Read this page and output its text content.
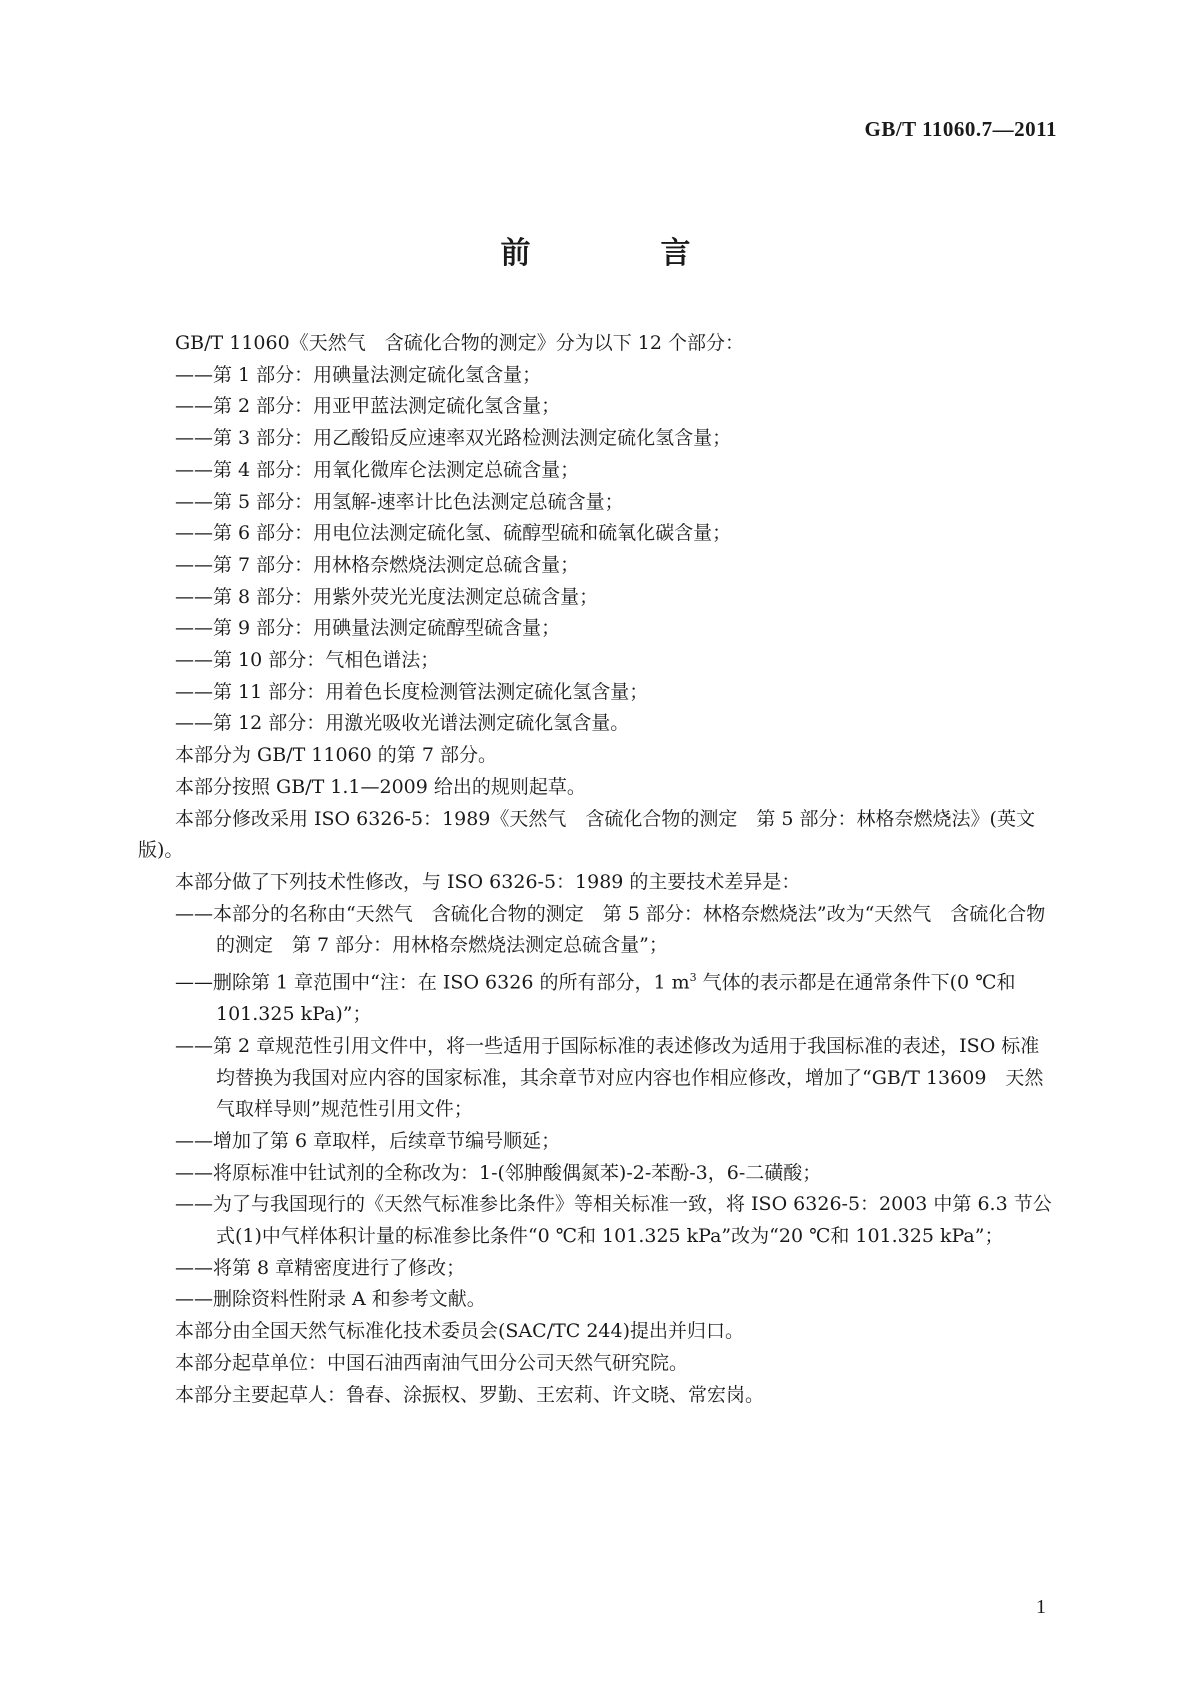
GB/T 11060.7—2011
前　言

GB/T 11060《天然气　含硫化合物的测定》分为以下 12 个部分：

——第 1 部分：用碘量法测定硫化氢含量；

——第 2 部分：用亚甲蓝法测定硫化氢含量；

——第 3 部分：用乙酸铅反应速率双光路检测法测定硫化氢含量；

——第 4 部分：用氧化微库仑法测定总硫含量；

——第 5 部分：用氢解-速率计比色法测定总硫含量；

——第 6 部分：用电位法测定硫化氢、硫醇型硫和硫氧化碳含量；

——第 7 部分：用林格奈燃烧法测定总硫含量；

——第 8 部分：用紫外荧光光度法测定总硫含量；

——第 9 部分：用碘量法测定硫醇型硫含量；

——第 10 部分：气相色谱法；

——第 11 部分：用着色长度检测管法测定硫化氢含量；

——第 12 部分：用激光吸收光谱法测定硫化氢含量。

本部分为 GB/T 11060 的第 7 部分。

本部分按照 GB/T 1.1—2009 给出的规则起草。

本部分修改采用 ISO 6326-5：1989《天然气　含硫化合物的测定　第 5 部分：林格奈燃烧法》(英文版)。

本部分做了下列技术性修改，与 ISO 6326-5：1989 的主要技术差异是：

——本部分的名称由“天然气　含硫化合物的测定　第 5 部分：林格奈燃烧法”改为“天然气　含硫化合物的测定　第 7 部分：用林格奈燃烧法测定总硫含量”；

——删除第 1 章范围中“注：在 ISO 6326 的所有部分，1 $m^3$ 气体的表示都是在通常条件下(0 ℃和 101.325 kPa)”；

——第 2 章规范性引用文件中，将一些适用于国际标准的表述修改为适用于我国标准的表述，ISO 标准均替换为我国对应内容的国家标准，其余章节对应内容也作相应修改，增加了“GB/T 13609　天然气取样导则”规范性引用文件；

——增加了第 6 章取样，后续章节编号顺延；

——将原标准中钍试剂的全称改为：1-(邻胂酸偶氮苯)-2-苯酚-3，6-二磺酸；

——为了与我国现行的《天然气标准参比条件》等相关标准一致，将 ISO 6326-5：2003 中第 6.3 节公式(1)中气样体积计量的标准参比条件“0 ℃和 101.325 kPa”改为“20 ℃和 101.325 kPa”；

——将第 8 章精密度进行了修改；

——删除资料性附录 A 和参考文献。

本部分由全国天然气标准化技术委员会(SAC/TC 244)提出并归口。

本部分起草单位：中国石油西南油气田分公司天然气研究院。

本部分主要起草人：鲁春、涂振权、罗勤、王宏莉、许文晓、常宏岗。

1
